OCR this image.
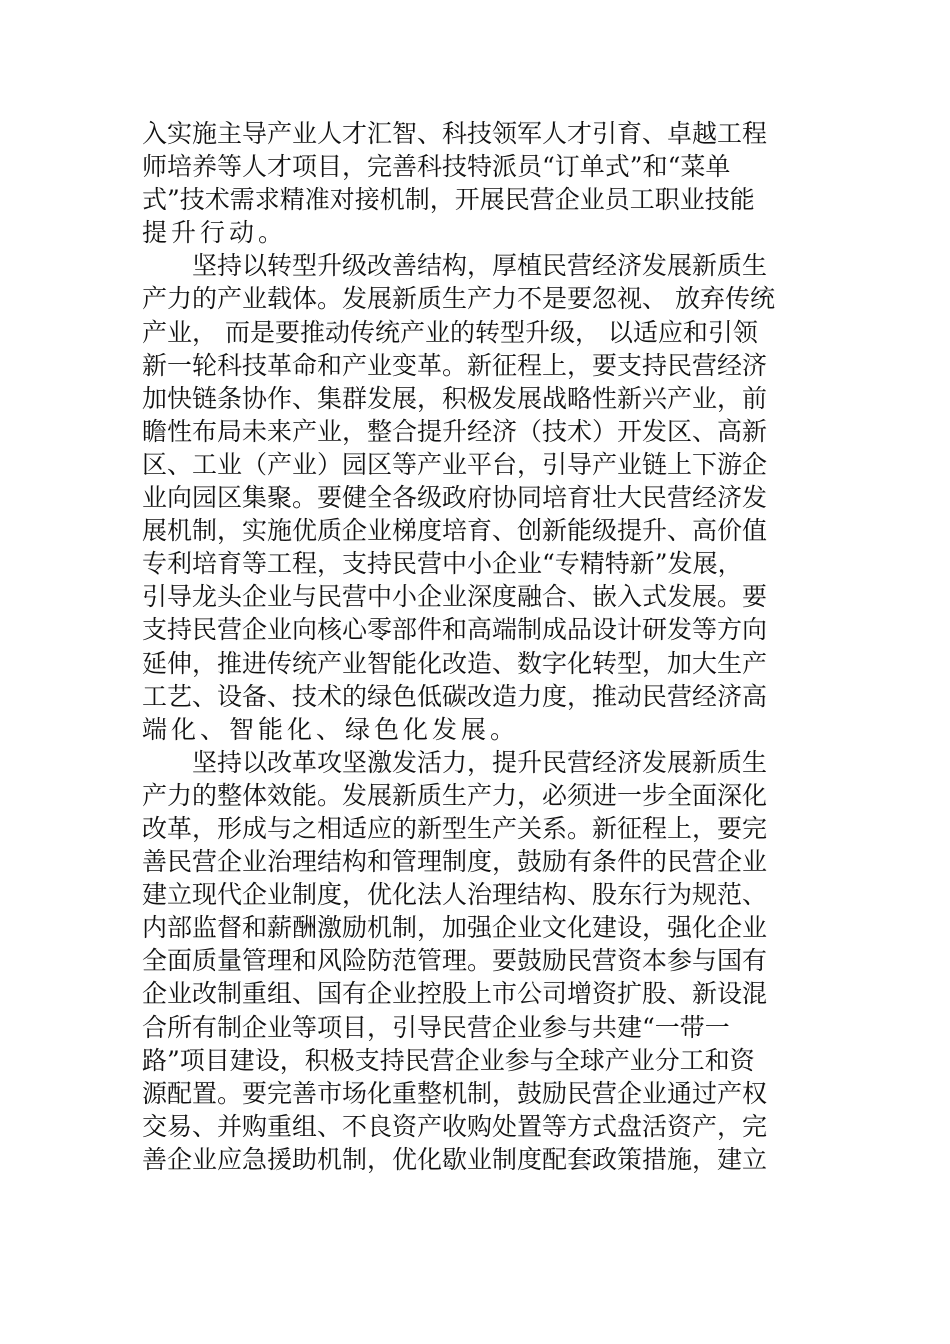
入实施主导产业人才汇智、科技领军人才引育、卓越工程
师培养等人才项目，完善科技特派员“订单式”和“菜单
式”技术需求精准对接机制，开展民营企业员工职业技能
提升行动。
坚持以转型升级改善结构，厚植民营经济发展新质生
产力的产业载体。发展新质生产力不是要忽视、 放弃传统
产业， 而是要推动传统产业的转型升级， 以适应和引领
新一轮科技革命和产业变革。新征程上，要支持民营经济
加快链条协作、集群发展，积极发展战略性新兴产业，前
瞻性布局未来产业，整合提升经济（技术）开发区、高新
区、工业（产业）园区等产业平台，引导产业链上下游企
业向园区集聚。要健全各级政府协同培育壮大民营经济发
展机制，实施优质企业梯度培育、创新能级提升、高价值
专利培育等工程，支持民营中小企业“专精特新”发展，
引导龙头企业与民营中小企业深度融合、嵌入式发展。要
支持民营企业向核心零部件和高端制成品设计研发等方向
延伸，推进传统产业智能化改造、数字化转型，加大生产
工艺、设备、技术的绿色低碳改造力度，推动民营经济高
端化、智能化、绿色化发展。
坚持以改革攻坚激发活力，提升民营经济发展新质生
产力的整体效能。发展新质生产力，必须进一步全面深化
改革，形成与之相适应的新型生产关系。新征程上，要完
善民营企业治理结构和管理制度，鼓励有条件的民营企业
建立现代企业制度，优化法人治理结构、股东行为规范、
内部监督和薪酬激励机制，加强企业文化建设，强化企业
全面质量管理和风险防范管理。要鼓励民营资本参与国有
企业改制重组、国有企业控股上市公司增资扩股、新设混
合所有制企业等项目，引导民营企业参与共建“一带一
路”项目建设，积极支持民营企业参与全球产业分工和资
源配置。要完善市场化重整机制，鼓励民营企业通过产权
交易、并购重组、不良资产收购处置等方式盘活资产，完
善企业应急援助机制，优化歇业制度配套政策措施，建立
